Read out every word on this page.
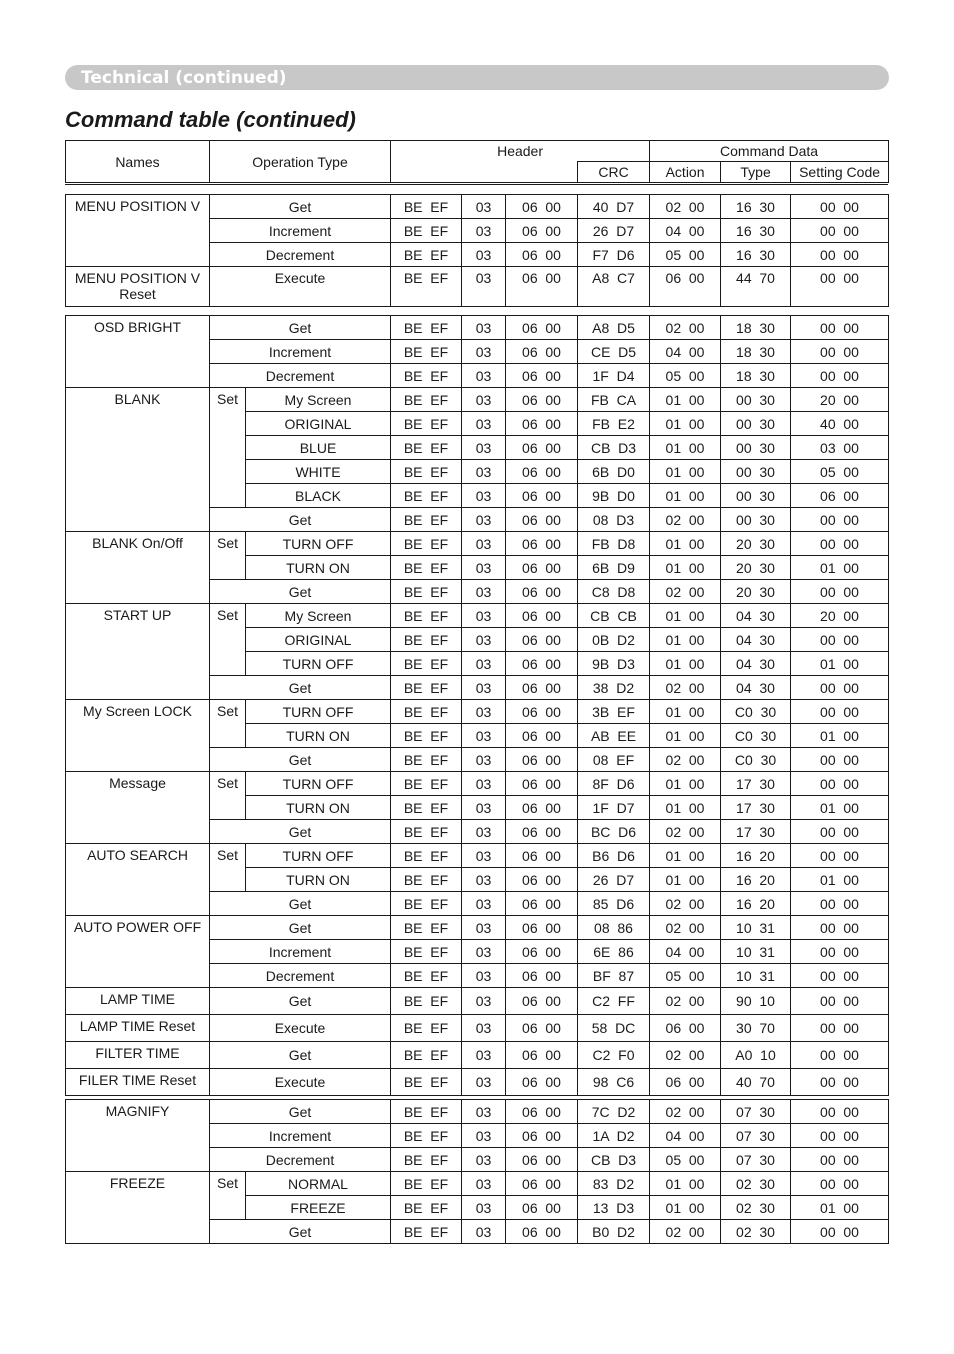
Technical (continued)
Command table (continued)
Names	Operation Type	Header		Command Data		
			CRC	Action	Type	Setting Code
MENU POSITION V	Get	BE  EF	03	06  00	40  D7	02  00	16  30	00  00
	Increment	BE  EF	03	06  00	26  D7	04  00	16  30	00  00
	Decrement	BE  EF	03	06  00	F7  D6	05  00	16  30	00  00
MENU POSITION V Reset	Execute	BE  EF	03	06  00	A8  C7	06  00	44  70	00  00
OSD BRIGHT	Get		BE  EF	03	06  00	A8  D5	02  00	18  30	00  00
	Increment		BE  EF	03	06  00	CE  D5	04  00	18  30	00  00
	Decrement		BE  EF	03	06  00	1F  D4	05  00	18  30	00  00
BLANK	Set	My Screen	BE  EF	03	06  00	FB  CA	01  00	00  30	20  00
		ORIGINAL	BE  EF	03	06  00	FB  E2	01  00	00  30	40  00
		BLUE	BE  EF	03	06  00	CB  D3	01  00	00  30	03  00
		WHITE	BE  EF	03	06  00	6B  D0	01  00	00  30	05  00
		BLACK	BE  EF	03	06  00	9B  D0	01  00	00  30	06  00
	Get		BE  EF	03	06  00	08  D3	02  00	00  30	00  00
BLANK On/Off	Set	TURN OFF	BE  EF	03	06  00	FB  D8	01  00	20  30	00  00
		TURN ON	BE  EF	03	06  00	6B  D9	01  00	20  30	01  00
	Get		BE  EF	03	06  00	C8  D8	02  00	20  30	00  00
START UP	Set	My Screen	BE  EF	03	06  00	CB  CB	01  00	04  30	20  00
		ORIGINAL	BE  EF	03	06  00	0B  D2	01  00	04  30	00  00
		TURN OFF	BE  EF	03	06  00	9B  D3	01  00	04  30	01  00
	Get		BE  EF	03	06  00	38  D2	02  00	04  30	00  00
My Screen LOCK	Set	TURN OFF	BE  EF	03	06  00	3B  EF	01  00	C0  30	00  00
		TURN ON	BE  EF	03	06  00	AB  EE	01  00	C0  30	01  00
	Get		BE  EF	03	06  00	08  EF	02  00	C0  30	00  00
Message	Set	TURN OFF	BE  EF	03	06  00	8F  D6	01  00	17  30	00  00
		TURN ON	BE  EF	03	06  00	1F  D7	01  00	17  30	01  00
	Get		BE  EF	03	06  00	BC  D6	02  00	17  30	00  00
AUTO SEARCH	Set	TURN OFF	BE  EF	03	06  00	B6  D6	01  00	16  20	00  00
		TURN ON	BE  EF	03	06  00	26  D7	01  00	16  20	01  00
	Get		BE  EF	03	06  00	85  D6	02  00	16  20	00  00
AUTO POWER OFF	Get		BE  EF	03	06  00	08  86	02  00	10  31	00  00
	Increment		BE  EF	03	06  00	6E  86	04  00	10  31	00  00
	Decrement		BE  EF	03	06  00	BF  87	05  00	10  31	00  00
LAMP TIME	Get		BE  EF	03	06  00	C2  FF	02  00	90  10	00  00
LAMP TIME Reset	Execute		BE  EF	03	06  00	58  DC	06  00	30  70	00  00
FILTER TIME	Get		BE  EF	03	06  00	C2  F0	02  00	A0  10	00  00
FILER TIME Reset	Execute		BE  EF	03	06  00	98  C6	06  00	40  70	00  00
MAGNIFY	Get		BE  EF	03	06  00	7C  D2	02  00	07  30	00  00
	Increment		BE  EF	03	06  00	1A  D2	04  00	07  30	00  00
	Decrement		BE  EF	03	06  00	CB  D3	05  00	07  30	00  00
FREEZE	Set	NORMAL	BE  EF	03	06  00	83  D2	01  00	02  30	00  00
		FREEZE	BE  EF	03	06  00	13  D3	01  00	02  30	01  00
	Get		BE  EF	03	06  00	B0  D2	02  00	02  30	00  00
